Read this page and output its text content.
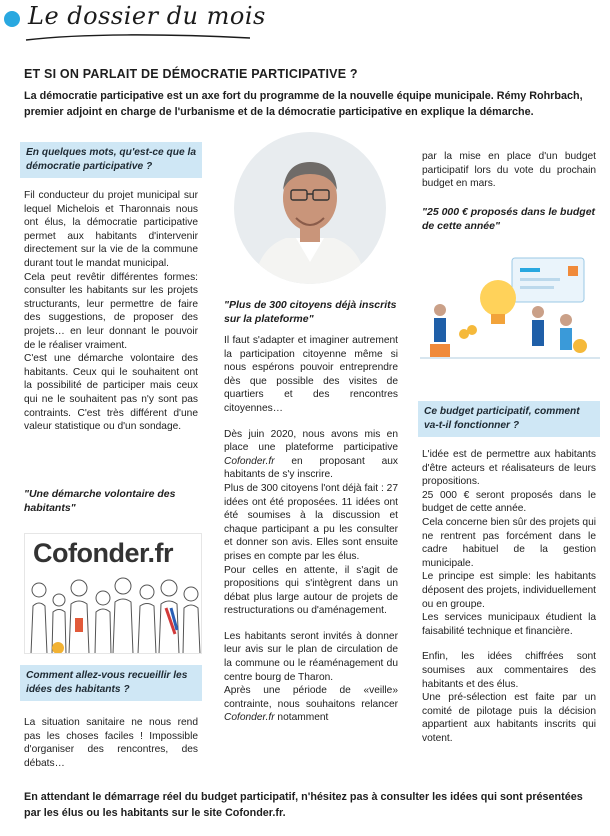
Le dossier du mois
ET SI ON PARLAIT DE DÉMOCRATIE PARTICIPATIVE ?
La démocratie participative est un axe fort du programme de la nouvelle équipe municipale. Rémy Rohrbach, premier adjoint en charge de l'urbanisme et de la démocratie participative en explique la démarche.
En quelques mots, qu'est-ce que la démocratie participative ?

Fil conducteur du projet municipal sur lequel Michelois et Tharonnais nous ont élus, la démocratie participative permet aux habitants d'intervenir directement sur la vie de la commune durant tout le mandat municipal.

Cela peut revêtir différentes formes: consulter les habitants sur les projets structurants, leur permettre de faire des suggestions, de proposer des projets… en leur donnant le pouvoir de le réaliser vraiment.

C'est une démarche volontaire des habitants. Ceux qui le souhaitent ont la possibilité de participer mais ceux qui ne le souhaitent pas n'y sont pas contraints. C'est très différent d'une valeur statistique ou d'un sondage.

"Une démarche volontaire des habitants"
Cofonder.fr
Comment allez-vous recueillir les idées des habitants ?

La situation sanitaire ne nous rend pas les choses faciles ! Impossible d'organiser des rencontres, des débats…

"Plus de 300 citoyens déjà inscrits sur la plateforme"

Il faut s'adapter et imaginer autrement la participation citoyenne même si nous espérons pouvoir entreprendre dès que possible des visites de quartiers et des rencontres citoyennes…

Dès juin 2020, nous avons mis en place une plateforme participative Cofonder.fr en proposant aux habitants de s'y inscrire.

Plus de 300 citoyens l'ont déjà fait : 27 idées ont été proposées. 11 idées ont été soumises à la discussion et chaque participant a pu les consulter et donner son avis. Elles sont ensuite prises en compte par les élus.

Pour celles en attente, il s'agit de propositions qui s'intègrent dans un débat plus large autour de projets de restructurations ou d'aménagement.

Les habitants seront invités à donner leur avis sur le plan de circulation de la commune ou le réaménagement du centre bourg de Tharon.

Après une période de «veille» contrainte, nous souhaitons relancer Cofonder.fr notamment

par la mise en place d'un budget participatif lors du vote du prochain budget en mars.

"25 000 € proposés dans le budget de cette année"
Ce budget participatif, comment va-t-il fonctionner ?

L'idée est de permettre aux habitants d'être acteurs et réalisateurs de leurs propositions.

25 000 € seront proposés dans le budget de cette année.

Cela concerne bien sûr des projets qui ne rentrent pas forcément dans le cadre habituel de la gestion municipale.

Le principe est simple: les habitants déposent des projets, individuellement ou en groupe.

Les services municipaux étudient la faisabilité technique et financière.

Enfin, les idées chiffrées sont soumises aux commentaires des habitants et des élus.

Une pré-sélection est faite par un comité de pilotage puis la décision appartient aux habitants inscrits qui votent.

En attendant le démarrage réel du budget participatif, n'hésitez pas à consulter les idées qui sont présentées par les élus ou les habitants sur le site Cofonder.fr.
